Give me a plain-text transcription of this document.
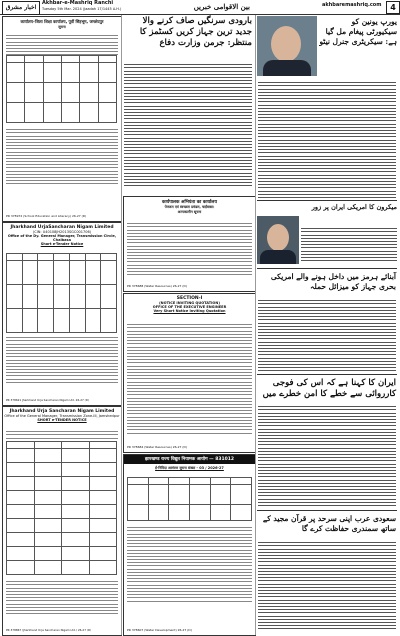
اخبار مشرق
Akhbar-e-Mashriq Ranchi
Tuesday 5th Mar. 2024 (Jaadah 17/1445 A.H.)	بین الاقوامی خبریں	akhbaremashriq.com	4
कार्यालय–जिला शिक्षा कार्यालय, पूर्वी सिंहभूम, जमशेदपुर
सूचना

PR 378972 (School Education and Literacy) 26-27 (D)
Jharkhand UrjaSancharan Nigam Limited
(CIN: U40108JH2013SGC001706)
Office of the Dy. General Manager, Transmission Circle, Chaibasa
Short e-Tender Notice

PR 378621 Jharkhand Urja Sancharan Nigam Ltd. 26-27 (D)
Jharkhand Urja Sancharan Nigam Limited
Office of the General Manager, Transmission Zone-III, Jamshedpur
SHORT e-TENDER NOTICE

PR 378867 (Jharkhand Urja Sancharan Nigam Ltd.) 26-27 (D)
بارودی سرنگیں صاف کرنے والا جدید ترین جہاز کریں کسٹمز کا منتظر: جرمن وزارت دفاع
कार्यपालक अभियंता का कार्यालय
पेयजल एवं स्वच्छता प्रमंडल, चाईबासा।
अल्पकालीन सूचना
PR 378688 (Water Resources) 26-27 (D)
SECTION-I
(NOTICE INVITING QUOTATION)
OFFICE OF THE EXECUTIVE ENGINEER
Very Short Notice Inviting Quotation
PR 378684 (Water Resources) 26-27 (D)
झारखण्ड राज्य विद्युत नियामक आयोग — 831012
ई-निविदा आमंत्रण सूचना संख्या - 03 / 2026-27

PR 378607 (Water Development) 26-27 (D)
یورپ یونین کو سیکیورٹی پیغام مل گیا ہے: سیکریٹری جنرل نیٹو
میکرون کا امریکی ایران پر زور
آبنائے ہرمز میں داخل ہونے والے امریکی بحری جہاز کو میزائل حملہ
ایران کا کہنا ہے کہ اس کی فوجی کارروائی سے خطے کا امن خطرے میں
سعودی عرب اپنی سرحد پر قرآن مجید کے ساتھ سمندری حفاظت کرے گا
